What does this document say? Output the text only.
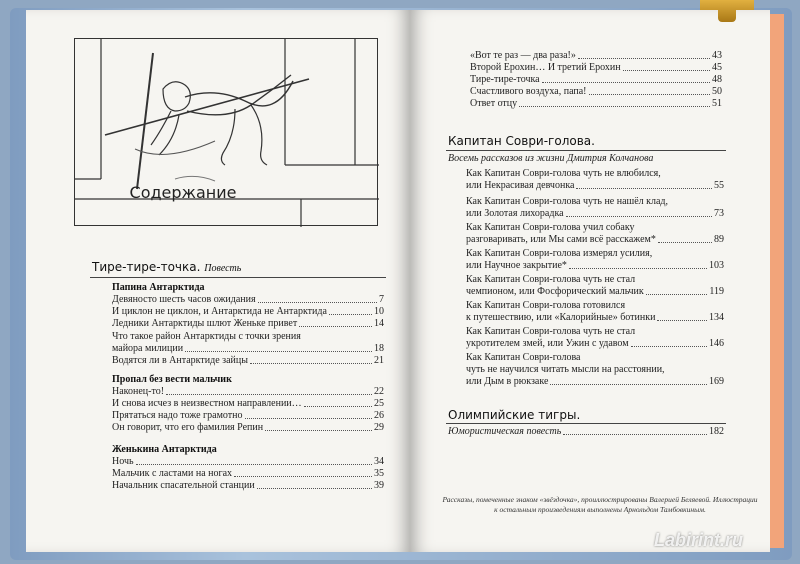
Содержание
Тире-тире-точка. Повесть
Папина Антарктида
Девяносто шесть часов ожидания	7
И циклон не циклон, и Антарктида не Антарктида	10
Ледники Антарктиды шлют Женьке привет	14
Что такое район Антарктиды с точки зрения
майора милиции	18
Водятся ли в Антарктиде зайцы	21
Пропал без вести мальчик
Наконец-то!	22
И снова исчез в неизвестном направлении…	25
Прятаться надо тоже грамотно	26
Он говорит, что его фамилия Репин	29
Женькина Антарктида
Ночь	34
Мальчик с ластами на ногах	35
Начальник спасательной станции	39
«Вот те раз — два раза!»	43
Второй Ерохин… И третий Ерохин	45
Тире-тире-точка	48
Счастливого воздуха, папа!	50
Ответ отцу	51
Капитан Соври-голова.
Восемь рассказов из жизни Дмитрия Колчанова
Как Капитан Соври-голова чуть не влюбился,
или Некрасивая девчонка	55
Как Капитан Соври-голова чуть не нашёл клад,
или Золотая лихорадка	73
Как Капитан Соври-голова учил собаку
разговаривать, или Мы сами всё расскажем*	89
Как Капитан Соври-голова измерял усилия,
или Научное закрытие*	103
Как Капитан Соври-голова чуть не стал
чемпионом, или Фосфорический мальчик	119
Как Капитан Соври-голова готовился
к путешествию, или «Калорийные» ботинки	134
Как Капитан Соври-голова чуть не стал
укротителем змей, или Ужин с удавом	146
Как Капитан Соври-голова
чуть не научился читать мысли на расстоянии,
или Дым в рюкзаке	169
Олимпийские тигры.
Юмористическая повесть	182
Рассказы, помеченные знаком «звёздочка», проиллюстрированы Валерией Беляевой. Иллюстрации к остальным произведениям выполнены Арнольдом Тамбовкиным.
Labirint.ru
